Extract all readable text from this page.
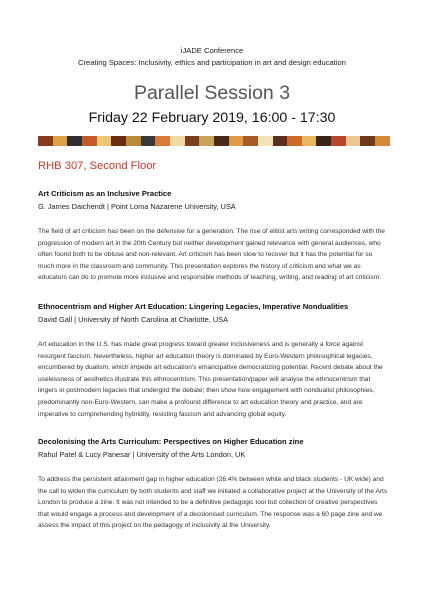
iJADE Conference
Creating Spaces: Inclusivity, ethics and participation in art and design education
Parallel Session 3
Friday 22 February 2019, 16:00 - 17:30
RHB 307, Second Floor
Art Criticism as an Inclusive Practice
G. James Daichendt | Point Loma Nazarene University, USA
The field of art criticism has been on the defensive for a generation. The rise of elitist arts writing corresponded with the progression of modern art in the 20th Century but neither development gained relevance with general audiences, who often found both to be obtuse and non-relevant. Art criticism has been slow to recover but it has the potential for so much more in the classroom and community. This presentation explores the history of criticism and what we as educators can do to promote more inclusive and responsible methods of teaching, writing, and reading of art criticism.
Ethnocentrism and Higher Art Education: Lingering Legacies, Imperative Nondualities
David Gall | University of North Carolina at Charlotte, USA
Art education in the U.S. has made great progress toward greater inclusiveness and is generally a force against resurgent fascism. Nevertheless, higher art education theory is dominated by Euro-Western philosophical legacies, encumbered by dualism, which impede art education's emancipative democratizing potential. Recent debate about the uselessness of aesthetics illustrate this ethnocentrism. This presentation/paper will analyse the ethnocentrism that lingers in postmodern legacies that undergird the debate; then show how engagement with nondualist philosophies, predominantly non-Euro-Western, can make a profound difference to art education theory and practice, and are imperative to comprehending hybridity, resisting fascism and advancing global equity.
Decolonising the Arts Curriculum: Perspectives on Higher Education zine
Rahul Patel & Lucy Panesar | University of the Arts London, UK
To address the persistent attainment gap in higher education (26.4% between white and black students - UK wide) and the call to widen the curriculum by both students and staff we initiated a collaborative project at the University of the Arts London to produce a zine. It was not intended to be a definitive pedagogic tool but collection of creative perspectives that would engage a process and development of a decolonised curriculum. The response was a 60 page zine and we assess the impact of this project on the pedagogy of inclusivity at the University.
